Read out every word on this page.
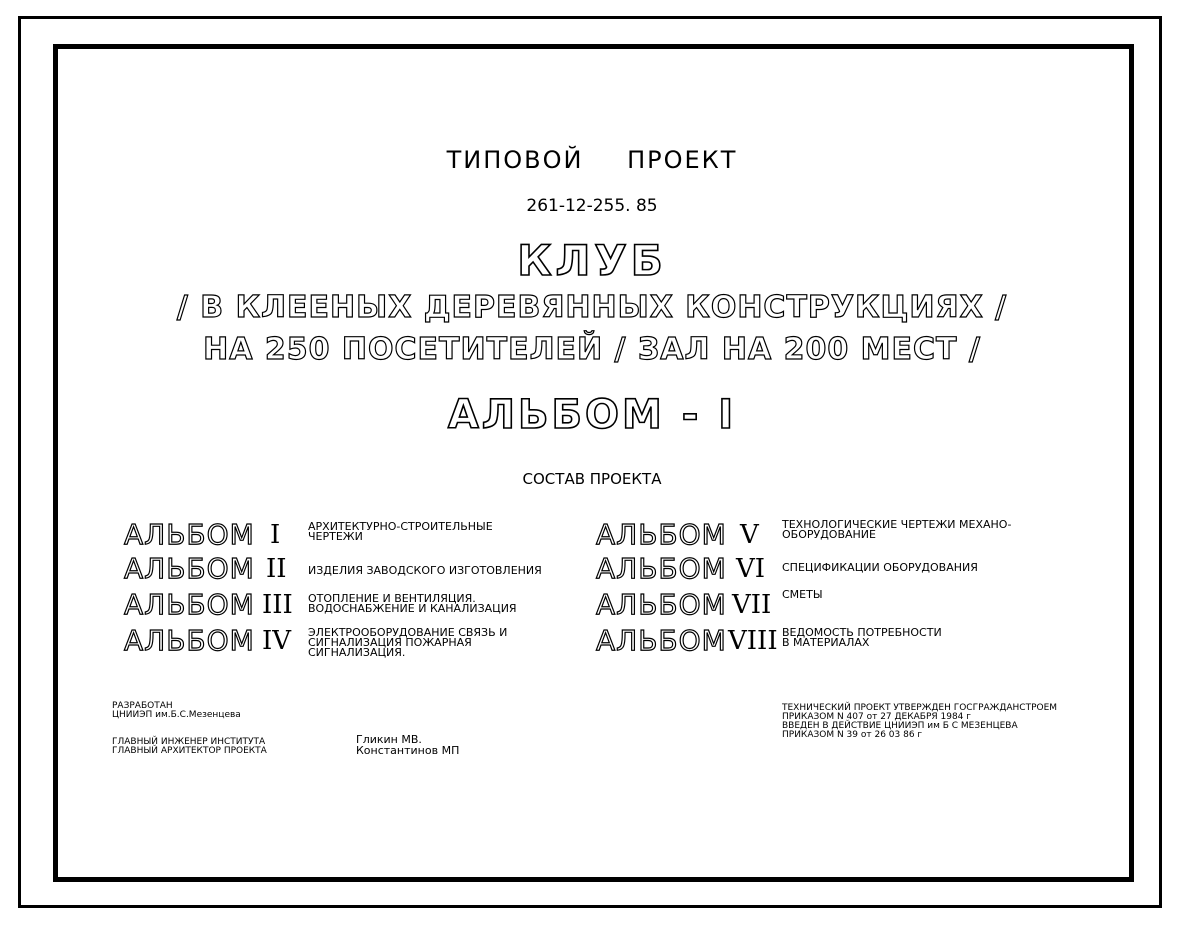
ТИПОВОЙ ПРОЕКТ
261-12-255. 85
КЛУБ
/ В КЛЕЕНЫХ ДЕРЕВЯННЫХ КОНСТРУКЦИЯХ /
НА 250 ПОСЕТИТЕЛЕЙ / ЗАЛ НА 200 МЕСТ /
АЛЬБОМ - I
СОСТАВ ПРОЕКТА
АЛЬБОМ I	АРХИТЕКТУРНО-СТРОИТЕЛЬНЫЕ
ЧЕРТЕЖИ
АЛЬБОМ II ИЗДЕЛИЯ ЗАВОДСКОГО ИЗГОТОВЛЕНИЯ
АЛЬБОМ III ОТОПЛЕНИЕ И ВЕНТИЛЯЦИЯ.
ВОДОСНАБЖЕНИЕ И КАНАЛИЗАЦИЯ
АЛЬБОМ IV ЭЛЕКТРООБОРУДОВАНИЕ СВЯЗЬ И
СИГНАЛИЗАЦИЯ ПОЖАРНАЯ
СИГНАЛИЗАЦИЯ.
АЛЬБОМ V ТЕХНОЛОГИЧЕСКИЕ ЧЕРТЕЖИ МЕХАНО-
ОБОРУДОВАНИЕ
АЛЬБОМ VI СПЕЦИФИКАЦИИ ОБОРУДОВАНИЯ
АЛЬБОМ VII СМЕТЫ
АЛЬБОМ VIII ВЕДОМОСТЬ ПОТРЕБНОСТИ
В МАТЕРИАЛАХ
РАЗРАБОТАН
ЦНИИЭП им.Б.С.Мезенцева
ГЛАВНЫЙ ИНЖЕНЕР ИНСТИТУТА
ГЛАВНЫЙ АРХИТЕКТОР ПРОЕКТА
Гликин МВ.
Константинов МП
ТЕХНИЧЕСКИЙ ПРОЕКТ УТВЕРЖДЕН ГОСГРАЖДАНСТРОЕМ
ПРИКАЗОМ N 407 от 27 ДЕКАБРЯ 1984 г
ВВЕДЕН В ДЕЙСТВИЕ ЦНИИЭП им Б С МЕЗЕНЦЕВА
ПРИКАЗОМ N 39 от 26 03 86 г
